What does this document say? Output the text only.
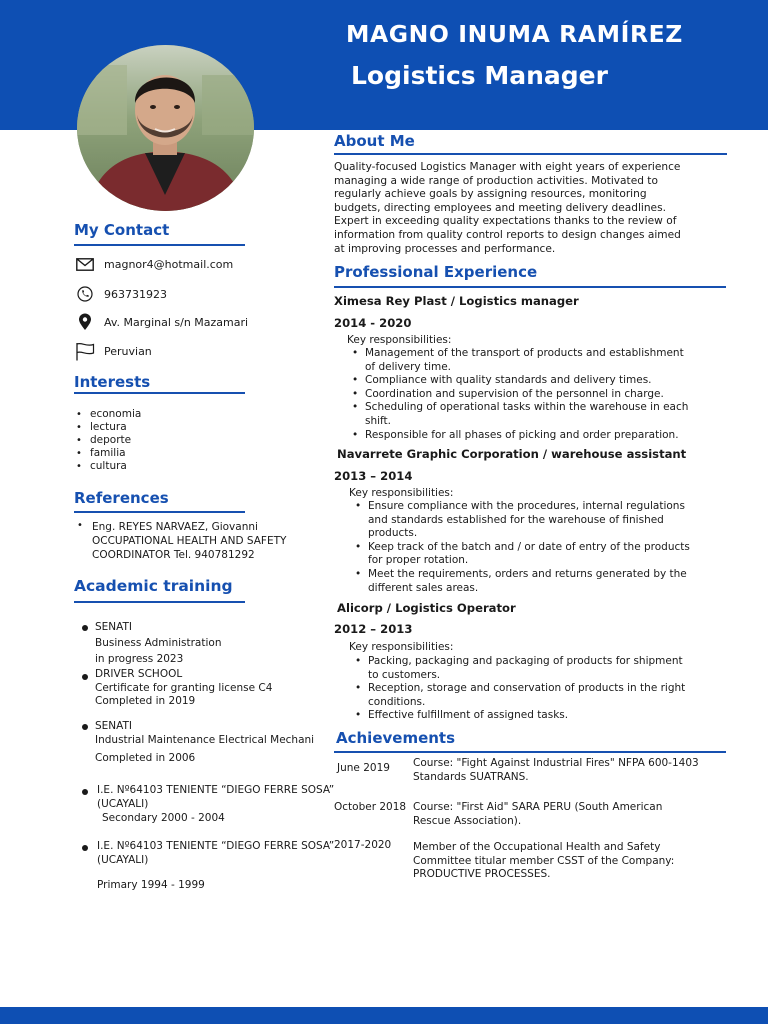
MAGNO INUMA RAMÍREZ
Logistics Manager
My Contact
magnor4@hotmail.com
963731923
Av. Marginal s/n Mazamari
Peruvian
Interests
• economia
• lectura
• deporte
• familia
• cultura
References
• Eng. REYES NARVAEZ, Giovanni
OCCUPATIONAL HEALTH AND SAFETY
COORDINATOR Tel. 940781292
Academic training
SENATI
Business Administration
in progress 2023
DRIVER SCHOOL
Certificate for granting license C4
Completed in 2019
SENATI
Industrial Maintenance Electrical Mechani
Completed in 2006
I.E. Nº64103 TENIENTE “DIEGO FERRE SOSA”
(UCAYALI)
Secondary 2000 - 2004
I.E. Nº64103 TENIENTE “DIEGO FERRE SOSA”
(UCAYALI)
Primary 1994 - 1999
About Me
Quality-focused Logistics Manager with eight years of experience
managing a wide range of production activities. Motivated to
regularly achieve goals by assigning resources, monitoring
budgets, directing employees and meeting delivery deadlines.
Expert in exceeding quality expectations thanks to the review of
information from quality control reports to design changes aimed
at improving processes and performance.
Professional Experience
Ximesa Rey Plast / Logistics manager
2014 - 2020
Key responsibilities:
• Management of the transport of products and establishment
of delivery time.
• Compliance with quality standards and delivery times.
• Coordination and supervision of the personnel in charge.
• Scheduling of operational tasks within the warehouse in each
shift.
• Responsible for all phases of picking and order preparation.
Navarrete Graphic Corporation / warehouse assistant
2013 – 2014
Key responsibilities:
• Ensure compliance with the procedures, internal regulations
and standards established for the warehouse of finished
products.
• Keep track of the batch and / or date of entry of the products
for proper rotation.
• Meet the requirements, orders and returns generated by the
different sales areas.
Alicorp / Logistics Operator
2012 – 2013
Key responsibilities:
• Packing, packaging and packaging of products for shipment
to customers.
• Reception, storage and conservation of products in the right
conditions.
• Effective fulfillment of assigned tasks.
Achievements
June 2019 Course: "Fight Against Industrial Fires" NFPA 600-1403
Standards SUATRANS.
October 2018 Course: "First Aid" SARA PERU (South American
Rescue Association).
2017-2020 Member of the Occupational Health and Safety
Committee titular member CSST of the Company:
PRODUCTIVE PROCESSES.
